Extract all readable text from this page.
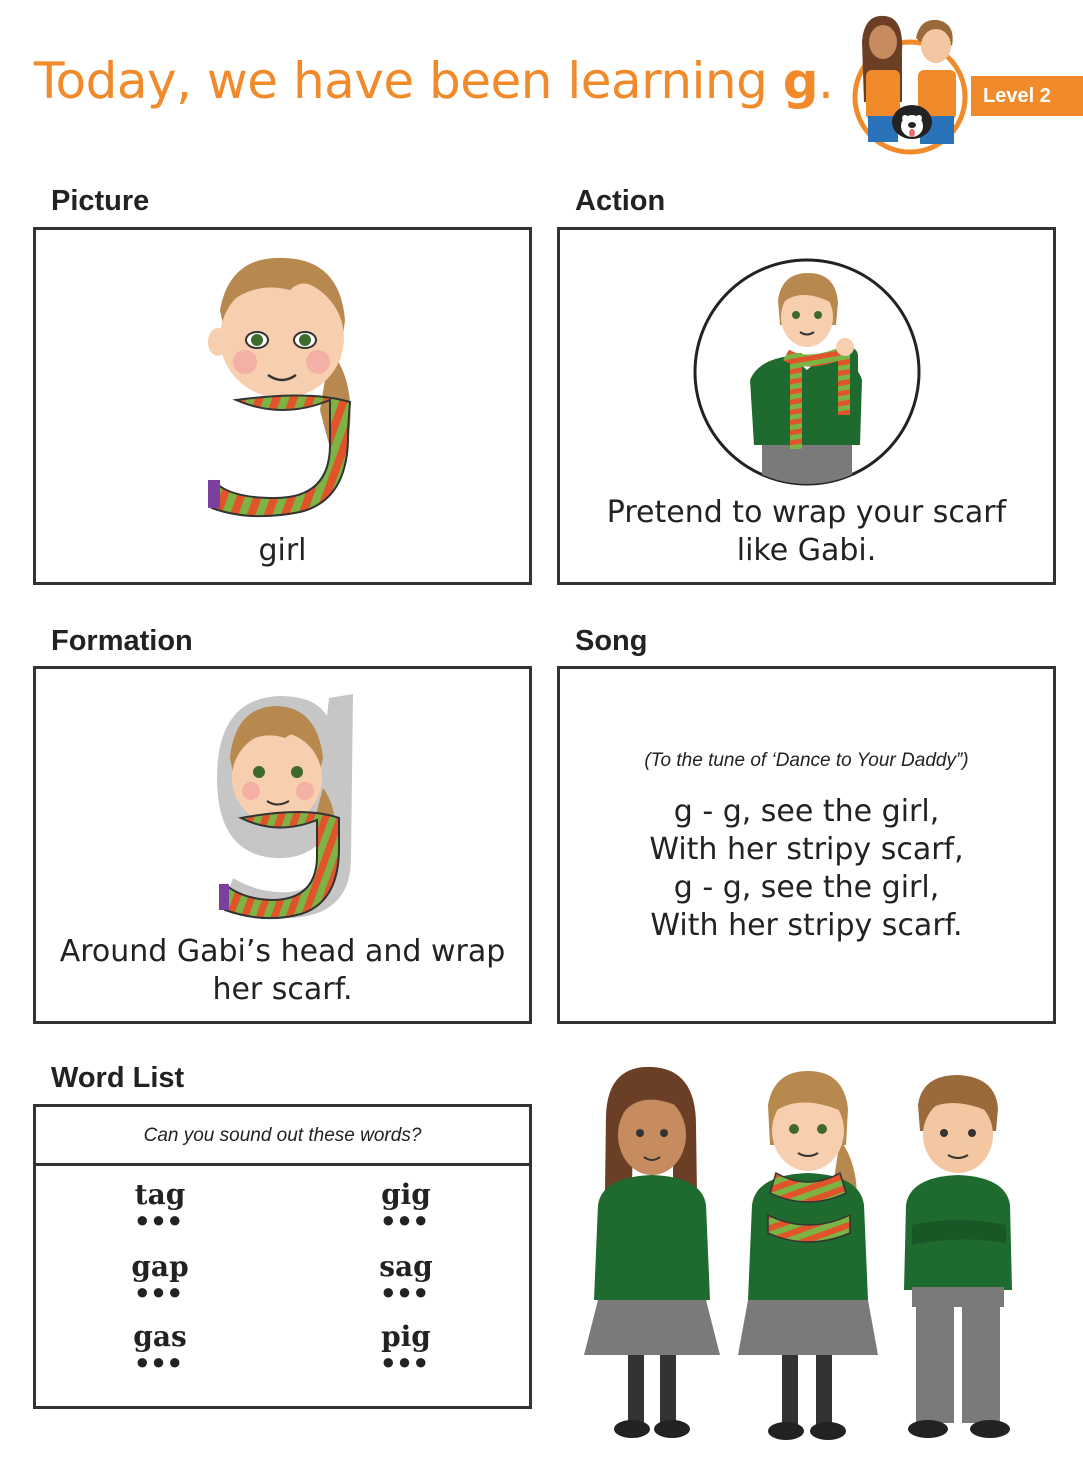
Today, we have been learning g.	Level 2
Picture
girl
Action
Pretend to wrap your scarf
like Gabi.
Formation
Around Gabi’s head and wrap
her scarf.
Song
(To the tune of ‘Dance to Your Daddy”)
g - g, see the girl,
With her stripy scarf,
g - g, see the girl,
With her stripy scarf.
Word List
Can you sound out these words?
tag
●●●
gig
●●●
gap
●●●
sag
●●●
gas
●●●
pig
●●●
